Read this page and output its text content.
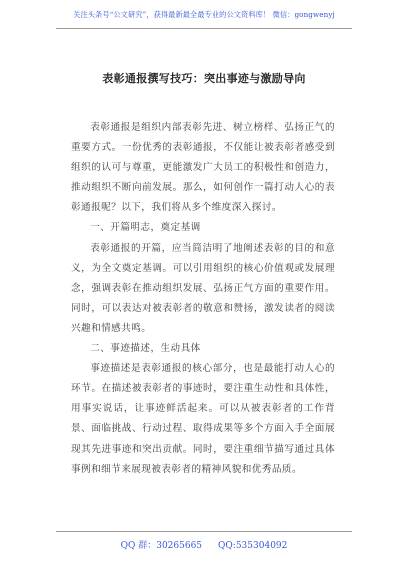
关注头条号“公文研究”，获得最新最全最专业的公文资料库！ 微信：gongwenyj
表彰通报撰写技巧：突出事迹与激励导向

表彰通报是组织内部表彰先进、树立榜样、弘扬正气的重要方式。一份优秀的表彰通报，不仅能让被表彰者感受到组织的认可与尊重，更能激发广大员工的积极性和创造力，推动组织不断向前发展。那么，如何创作一篇打动人心的表彰通报呢？以下，我们将从多个维度深入探讨。

一、开篇明志，奠定基调

表彰通报的开篇，应当简洁明了地阐述表彰的目的和意义，为全文奠定基调。可以引用组织的核心价值观或发展理念，强调表彰在推动组织发展、弘扬正气方面的重要作用。同时，可以表达对被表彰者的敬意和赞扬，激发读者的阅读兴趣和情感共鸣。

二、事迹描述，生动具体

事迹描述是表彰通报的核心部分，也是最能打动人心的环节。在描述被表彰者的事迹时，要注重生动性和具体性，用事实说话，让事迹鲜活起来。可以从被表彰者的工作背景、面临挑战、行动过程、取得成果等多个方面入手全面展现其先进事迹和突出贡献。同时，要注重细节描写通过具体事例和细节来展现被表彰者的精神风貌和优秀品质。

QQ 群：30265665 QQ:535304092
